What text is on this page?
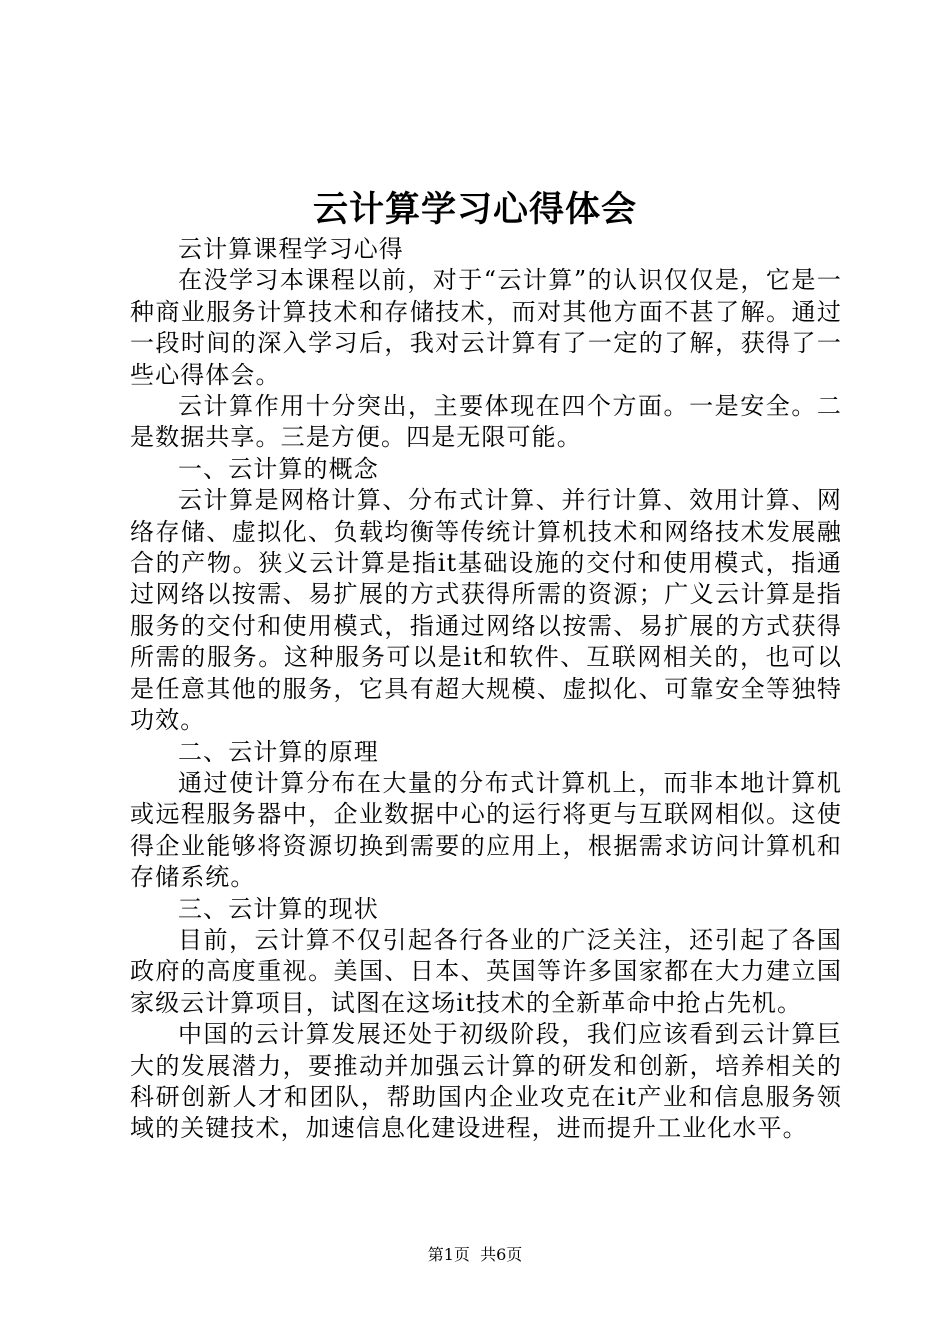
云计算学习心得体会

云计算课程学习心得

在没学习本课程以前，对于“云计算”的认识仅仅是，它是一种商业服务计算技术和存储技术，而对其他方面不甚了解。通过一段时间的深入学习后，我对云计算有了一定的了解，获得了一些心得体会。

云计算作用十分突出，主要体现在四个方面。一是安全。二是数据共享。三是方便。四是无限可能。

一、云计算的概念

云计算是网格计算、分布式计算、并行计算、效用计算、网络存储、虚拟化、负载均衡等传统计算机技术和网络技术发展融合的产物。狭义云计算是指it基础设施的交付和使用模式，指通过网络以按需、易扩展的方式获得所需的资源；广义云计算是指服务的交付和使用模式，指通过网络以按需、易扩展的方式获得所需的服务。这种服务可以是it和软件、互联网相关的，也可以是任意其他的服务，它具有超大规模、虚拟化、可靠安全等独特功效。

二、云计算的原理

通过使计算分布在大量的分布式计算机上，而非本地计算机或远程服务器中，企业数据中心的运行将更与互联网相似。这使得企业能够将资源切换到需要的应用上，根据需求访问计算机和存储系统。

三、云计算的现状

目前，云计算不仅引起各行各业的广泛关注，还引起了各国政府的高度重视。美国、日本、英国等许多国家都在大力建立国家级云计算项目，试图在这场it技术的全新革命中抢占先机。

中国的云计算发展还处于初级阶段，我们应该看到云计算巨大的发展潜力，要推动并加强云计算的研发和创新，培养相关的科研创新人才和团队，帮助国内企业攻克在it产业和信息服务领域的关键技术，加速信息化建设进程，进而提升工业化水平。

第1页 共6页
